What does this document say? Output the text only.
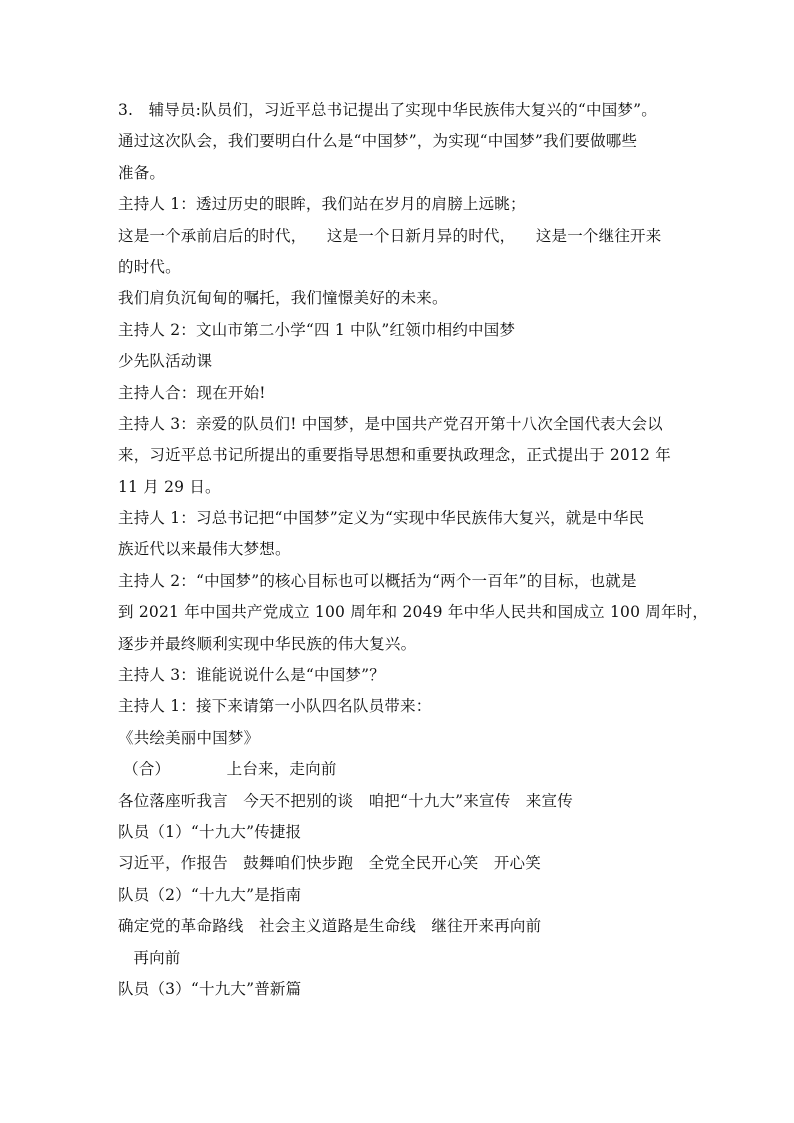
3.   辅导员:队员们，习近平总书记提出了实现中华民族伟大复兴的“中国梦”。
通过这次队会，我们要明白什么是“中国梦”，为实现“中国梦”我们要做哪些
准备。
主持人 1：透过历史的眼眸，我们站在岁月的肩膀上远眺；
这是一个承前启后的时代，    这是一个日新月异的时代，    这是一个继往开来
的时代。
我们肩负沉甸甸的嘱托，我们憧憬美好的未来。
主持人 2：文山市第二小学“四 1 中队”红领巾相约中国梦
少先队活动课
主持人合：现在开始!
主持人 3：亲爱的队员们! 中国梦，是中国共产党召开第十八次全国代表大会以
来，习近平总书记所提出的重要指导思想和重要执政理念，正式提出于 2012 年
11 月 29 日。
主持人 1：习总书记把“中国梦”定义为“实现中华民族伟大复兴，就是中华民
族近代以来最伟大梦想。
主持人 2：“中国梦”的核心目标也可以概括为“两个一百年”的目标，也就是
到 2021 年中国共产党成立 100 周年和 2049 年中华人民共和国成立 100 周年时，
逐步并最终顺利实现中华民族的伟大复兴。
主持人 3：谁能说说什么是“中国梦”？
主持人 1：接下来请第一小队四名队员带来：
《共绘美丽中国梦》
（合）           上台来，走向前
各位落座听我言   今天不把别的谈   咱把“十九大”来宣传   来宣传
队员（1）“十九大”传捷报
习近平，作报告   鼓舞咱们快步跑   全党全民开心笑   开心笑
队员（2）“十九大”是指南
确定党的革命路线   社会主义道路是生命线   继往开来再向前
再向前
队员（3）“十九大”普新篇
